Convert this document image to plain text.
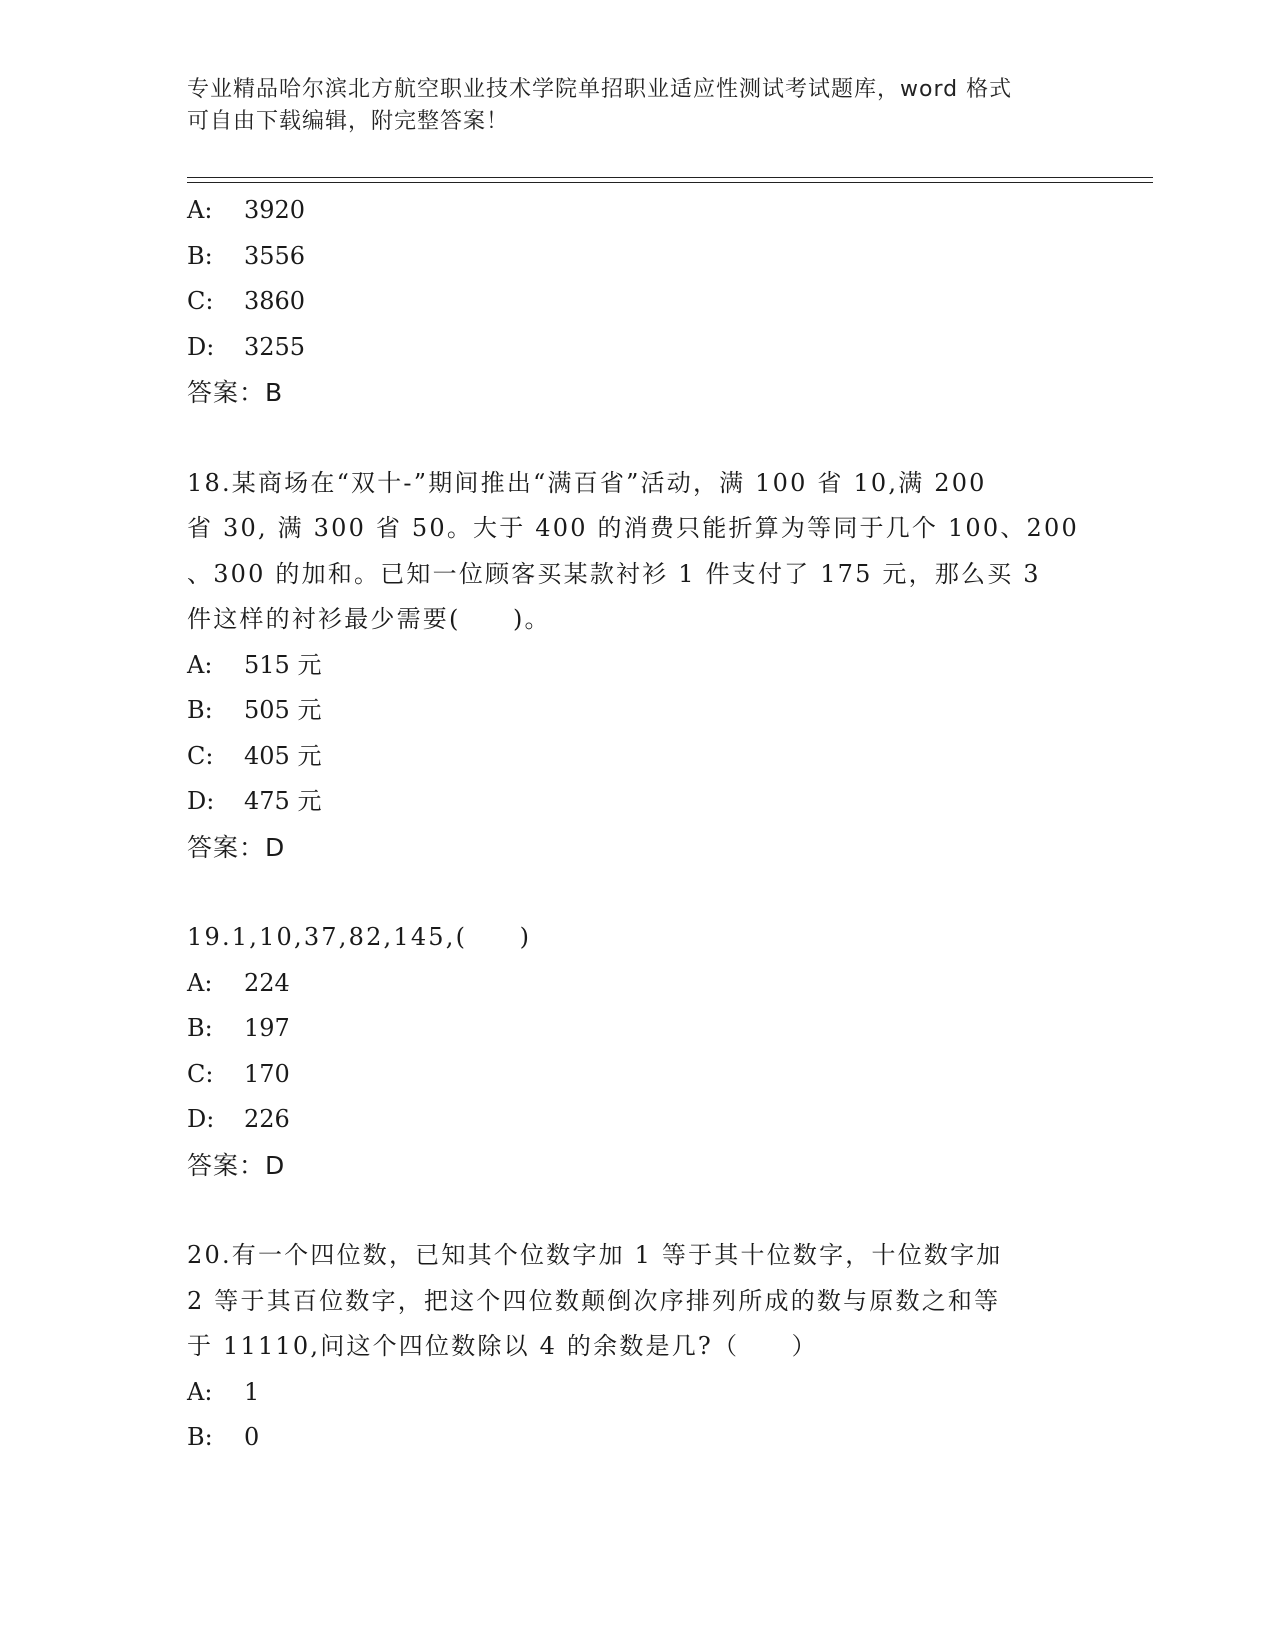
专业精品哈尔滨北方航空职业技术学院单招职业适应性测试考试题库，word 格式
可自由下载编辑，附完整答案！
A: 3920
B: 3556
C: 3860
D: 3255
答案：B
18.某商场在“双十-”期间推出“满百省”活动，满 100 省 10,满 200
省 30, 满 300 省 50。大于 400 的消费只能折算为等同于几个 100、200
、300 的加和。已知一位顾客买某款衬衫 1 件支付了 175 元，那么买 3
件这样的衬衫最少需要(　　)。
A: 515 元
B: 505 元
C: 405 元
D: 475 元
答案：D
19.1,10,37,82,145,(　　)
A: 224
B: 197
C: 170
D: 226
答案：D
20.有一个四位数，已知其个位数字加 1 等于其十位数字，十位数字加
2 等于其百位数字，把这个四位数颠倒次序排列所成的数与原数之和等
于 11110,问这个四位数除以 4 的余数是几?（　　）
A: 1
B: 0
